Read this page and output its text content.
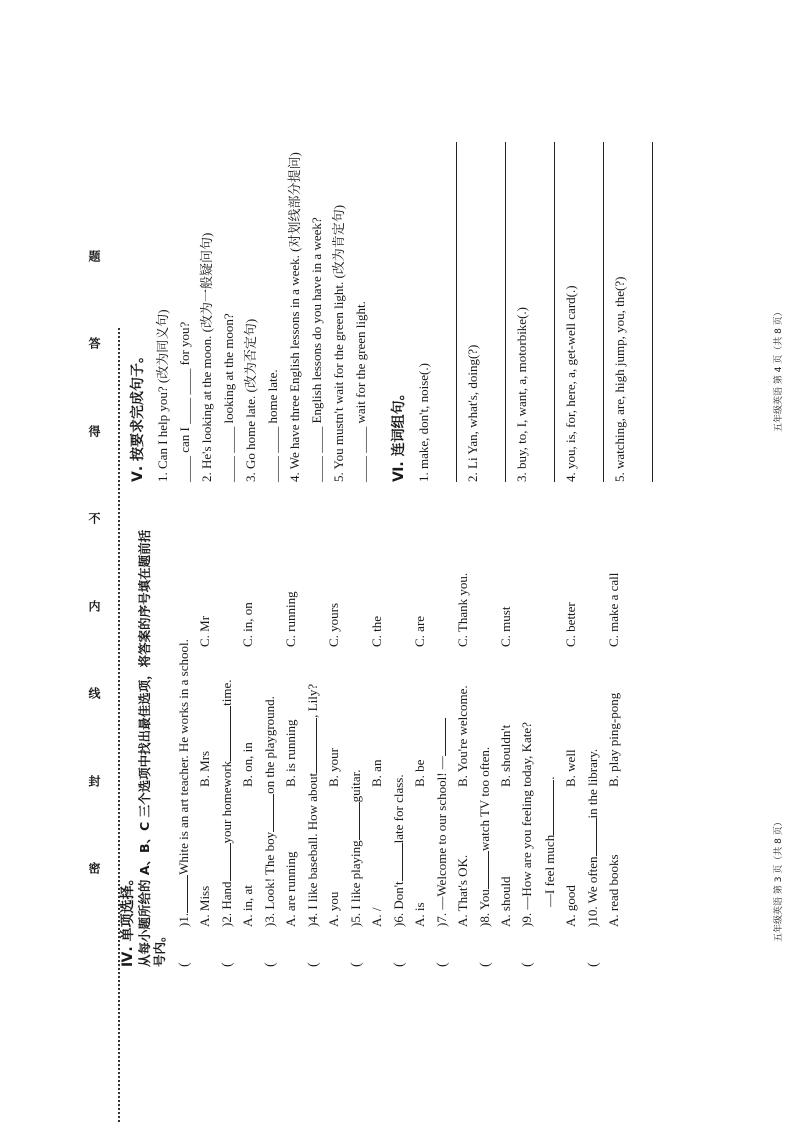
密
封
线
内
不
得
答
题
Ⅳ. 单项选择。 从每小题所给的 A、B、C 三个选项中找出最佳选项，将答案的序号填在题前括号内。 (
)1.
White is an art teacher. He works in a school.
A. Miss
B. Mrs
C. Mr
(
)2. Hand
your homework
time.
A. in, at
B. on, in
C. in, on
(
)3. Look! The boy
on the playground.
A. are running
B. is running
C. running
(
)4. I like baseball. How about
, Lily?
A. you
B. your
C. yours
(
)5. I like playing
guitar.
A. /
B. an
C. the
(
)6. Don't
late for class.
A. is
B. be
C. are
(
)7. —Welcome to our school! — A. That's OK.
B. You're welcome.
C. Thank you.
(
)8. You
watch TV too often.
A. should
B. shouldn't
C. must
(
)9. —How are you feeling today, Kate? —I feel much
.
A. good
B. well
C. better
(
)10. We often
in the library.
A. read books
B. play ping-pong
C. make a call
Ⅴ. 按要求完成句子。 1. Can I help you? (改为同义句) ____ can I ____ ____ for you? 2. He's looking at the moon. (改为一般疑问句) ____ ____ looking at the moon? 3. Go home late. (改为否定句) ____ ____ home late. 4. We have three English lessons in a week. (对划线部分提问) ____ ____ English lessons do you have in a week? 5. You mustn't wait for the green light. (改为肯定句) ____ ____ wait for the green light.	Ⅵ. 连词组句。 1. make, don't, noise(.)	2. Li Yan, what's, doing(?)	3. buy, to, I, want, a, motorbike(.)	4. you, is, for, here, a, get-well card(.)	5. watching, are, high jump, you, the(?)
五年级英语 第 3 页（共 8 页）
五年级英语 第 4 页（共 8 页）
